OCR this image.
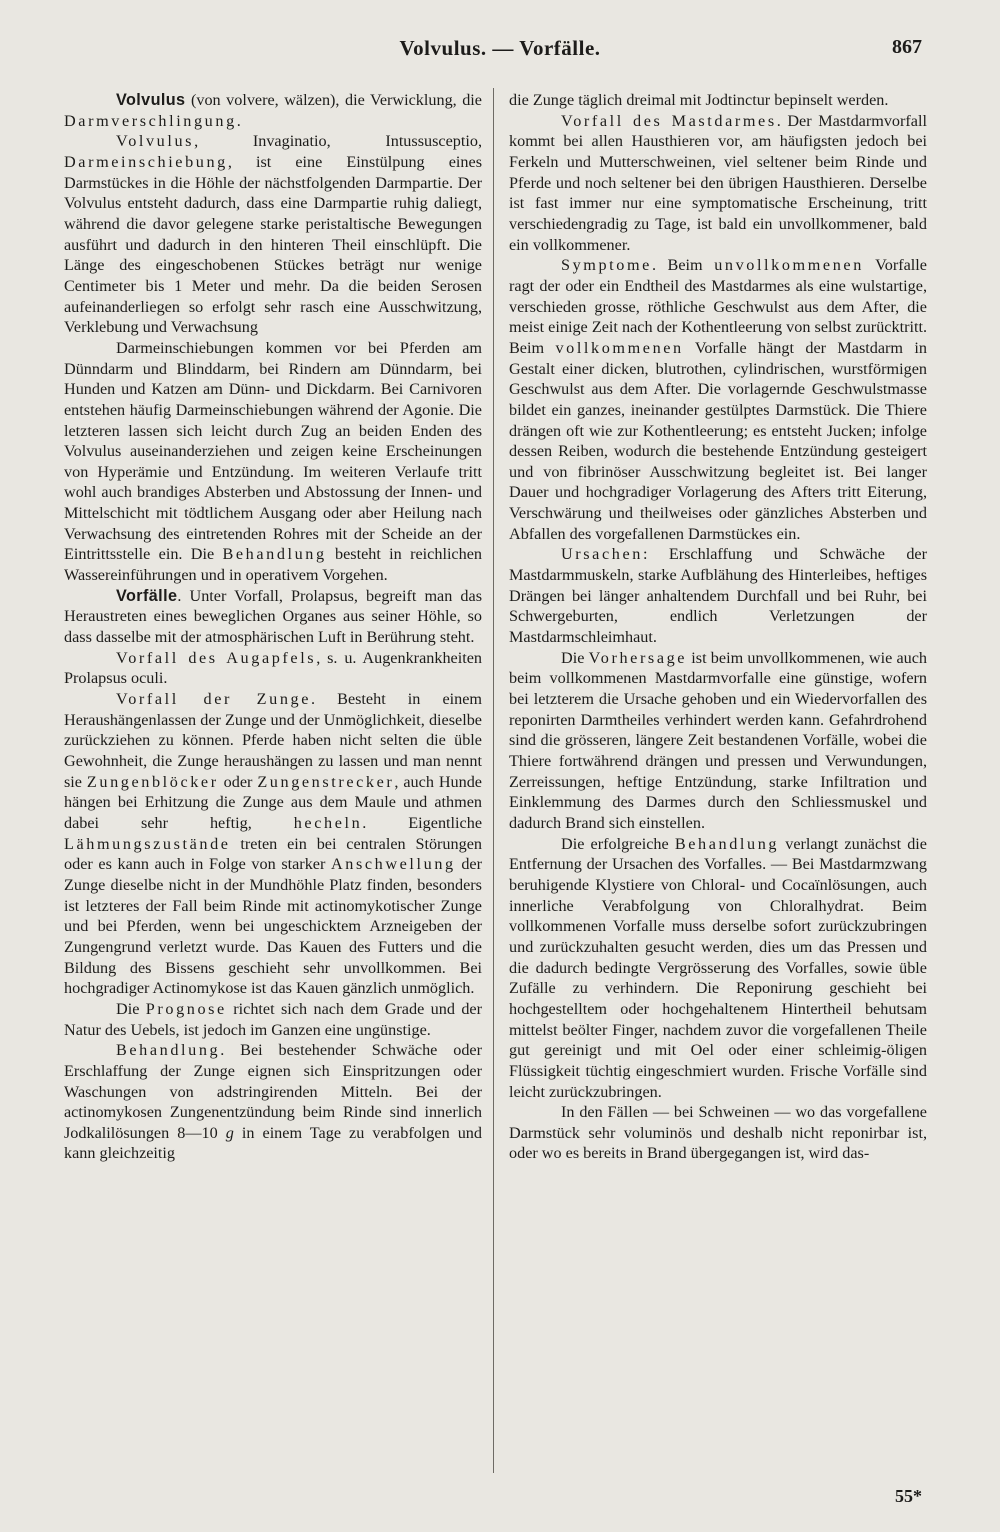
Volvulus. — Vorfälle.	867

Volvulus (von volvere, wälzen), die Verwicklung, die Darmverschlingung.

Volvulus, Invaginatio, Intussusceptio, Darmeinschiebung, ist eine Einstülpung eines Darmstückes in die Höhle der nächstfolgenden Darmpartie. Der Volvulus entsteht dadurch, dass eine Darmpartie ruhig daliegt, während die davor gelegene starke peristaltische Bewegungen ausführt und dadurch in den hinteren Theil einschlüpft. Die Länge des eingeschobenen Stückes beträgt nur wenige Centimeter bis 1 Meter und mehr. Da die beiden Serosen aufeinanderliegen so erfolgt sehr rasch eine Ausschwitzung, Verklebung und Verwachsung

Darmeinschiebungen kommen vor bei Pferden am Dünndarm und Blinddarm, bei Rindern am Dünndarm, bei Hunden und Katzen am Dünn- und Dickdarm. Bei Carnivoren entstehen häufig Darmeinschiebungen während der Agonie. Die letzteren lassen sich leicht durch Zug an beiden Enden des Volvulus auseinanderziehen und zeigen keine Erscheinungen von Hyperämie und Entzündung. Im weiteren Verlaufe tritt wohl auch brandiges Absterben und Abstossung der Innen- und Mittelschicht mit tödtlichem Ausgang oder aber Heilung nach Verwachsung des eintretenden Rohres mit der Scheide an der Eintrittsstelle ein. Die Behandlung besteht in reichlichen Wassereinführungen und in operativem Vorgehen.

Vorfälle. Unter Vorfall, Prolapsus, begreift man das Heraustreten eines beweglichen Organes aus seiner Höhle, so dass dasselbe mit der atmosphärischen Luft in Berührung steht.

Vorfall des Augapfels, s. u. Augenkrankheiten Prolapsus oculi.

Vorfall der Zunge. Besteht in einem Heraushängenlassen der Zunge und der Unmöglichkeit, dieselbe zurückziehen zu können. Pferde haben nicht selten die üble Gewohnheit, die Zunge heraushängen zu lassen und man nennt sie Zungenblöcker oder Zungenstrecker, auch Hunde hängen bei Erhitzung die Zunge aus dem Maule und athmen dabei sehr heftig, hecheln. Eigentliche Lähmungszustände treten ein bei centralen Störungen oder es kann auch in Folge von starker Anschwellung der Zunge dieselbe nicht in der Mundhöhle Platz finden, besonders ist letzteres der Fall beim Rinde mit actinomykotischer Zunge und bei Pferden, wenn bei ungeschicktem Arzneigeben der Zungengrund verletzt wurde. Das Kauen des Futters und die Bildung des Bissens geschieht sehr unvollkommen. Bei hochgradiger Actinomykose ist das Kauen gänzlich unmöglich.

Die Prognose richtet sich nach dem Grade und der Natur des Uebels, ist jedoch im Ganzen eine ungünstige.

Behandlung. Bei bestehender Schwäche oder Erschlaffung der Zunge eignen sich Einspritzungen oder Waschungen von adstringirenden Mitteln. Bei der actinomykosen Zungenentzündung beim Rinde sind innerlich Jodkalilösungen 8—10 g in einem Tage zu verabfolgen und kann gleichzeitig

die Zunge täglich dreimal mit Jodtinctur bepinselt werden.

Vorfall des Mastdarmes. Der Mastdarmvorfall kommt bei allen Hausthieren vor, am häufigsten jedoch bei Ferkeln und Mutterschweinen, viel seltener beim Rinde und Pferde und noch seltener bei den übrigen Hausthieren. Derselbe ist fast immer nur eine symptomatische Erscheinung, tritt verschiedengradig zu Tage, ist bald ein unvollkommener, bald ein vollkommener.

Symptome. Beim unvollkommenen Vorfalle ragt der oder ein Endtheil des Mastdarmes als eine wulstartige, verschieden grosse, röthliche Geschwulst aus dem After, die meist einige Zeit nach der Kothentleerung von selbst zurücktritt. Beim vollkommenen Vorfalle hängt der Mastdarm in Gestalt einer dicken, blutrothen, cylindrischen, wurstförmigen Geschwulst aus dem After. Die vorlagernde Geschwulstmasse bildet ein ganzes, ineinander gestülptes Darmstück. Die Thiere drängen oft wie zur Kothentleerung; es entsteht Jucken; infolge dessen Reiben, wodurch die bestehende Entzündung gesteigert und von fibrinöser Ausschwitzung begleitet ist. Bei langer Dauer und hochgradiger Vorlagerung des Afters tritt Eiterung, Verschwärung und theilweises oder gänzliches Absterben und Abfallen des vorgefallenen Darmstückes ein.

Ursachen: Erschlaffung und Schwäche der Mastdarmmuskeln, starke Aufblähung des Hinterleibes, heftiges Drängen bei länger anhaltendem Durchfall und bei Ruhr, bei Schwergeburten, endlich Verletzungen der Mastdarmschleimhaut.

Die Vorhersage ist beim unvollkommenen, wie auch beim vollkommenen Mastdarmvorfalle eine günstige, wofern bei letzterem die Ursache gehoben und ein Wiedervorfallen des reponirten Darmtheiles verhindert werden kann. Gefahrdrohend sind die grösseren, längere Zeit bestandenen Vorfälle, wobei die Thiere fortwährend drängen und pressen und Verwundungen, Zerreissungen, heftige Entzündung, starke Infiltration und Einklemmung des Darmes durch den Schliessmuskel und dadurch Brand sich einstellen.

Die erfolgreiche Behandlung verlangt zunächst die Entfernung der Ursachen des Vorfalles. — Bei Mastdarmzwang beruhigende Klystiere von Chloral- und Cocaïnlösungen, auch innerliche Verabfolgung von Chloralhydrat. Beim vollkommenen Vorfalle muss derselbe sofort zurückzubringen und zurückzuhalten gesucht werden, dies um das Pressen und die dadurch bedingte Vergrösserung des Vorfalles, sowie üble Zufälle zu verhindern. Die Reponirung geschieht bei hochgestelltem oder hochgehaltenem Hintertheil behutsam mittelst beölter Finger, nachdem zuvor die vorgefallenen Theile gut gereinigt und mit Oel oder einer schleimig-öligen Flüssigkeit tüchtig eingeschmiert wurden. Frische Vorfälle sind leicht zurückzubringen.

In den Fällen — bei Schweinen — wo das vorgefallene Darmstück sehr voluminös und deshalb nicht reponirbar ist, oder wo es bereits in Brand übergegangen ist, wird das-

55*
